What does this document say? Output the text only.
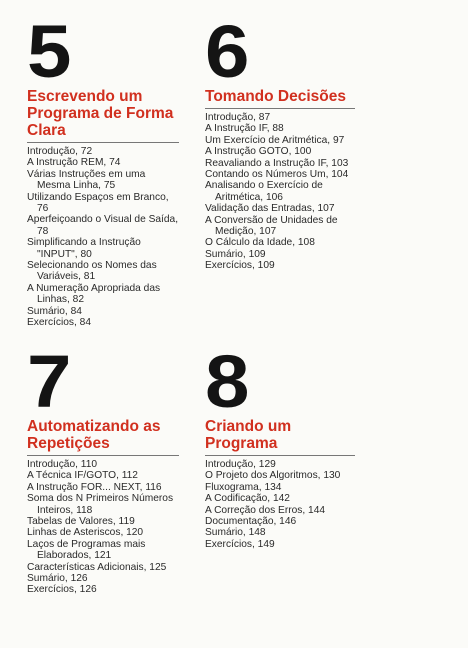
5
Escrevendo um Programa de Forma Clara
Introdução, 72
A Instrução REM, 74
Várias Instruções em uma Mesma Linha, 75
Utilizando Espaços em Branco, 76
Aperfeiçoando o Visual de Saída, 78
Simplificando a Instrução "INPUT", 80
Selecionando os Nomes das Variáveis, 81
A Numeração Apropriada das Linhas, 82
Sumário, 84
Exercícios, 84
6
Tomando Decisões
Introdução, 87
A Instrução IF, 88
Um Exercício de Aritmética, 97
A Instrução GOTO, 100
Reavaliando a Instrução IF, 103
Contando os Números Um, 104
Analisando o Exercício de Aritmética, 106
Validação das Entradas, 107
A Conversão de Unidades de Medição, 107
O Cálculo da Idade, 108
Sumário, 109
Exercícios, 109
7
Automatizando as Repetições
Introdução, 110
A Técnica IF/GOTO, 112
A Instrução FOR... NEXT, 116
Soma dos N Primeiros Números Inteiros, 118
Tabelas de Valores, 119
Linhas de Asteriscos, 120
Laços de Programas mais Elaborados, 121
Características Adicionais, 125
Sumário, 126
Exercícios, 126
8
Criando um Programa
Introdução, 129
O Projeto dos Algoritmos, 130
Fluxograma, 134
A Codificação, 142
A Correção dos Erros, 144
Documentação, 146
Sumário, 148
Exercícios, 149
